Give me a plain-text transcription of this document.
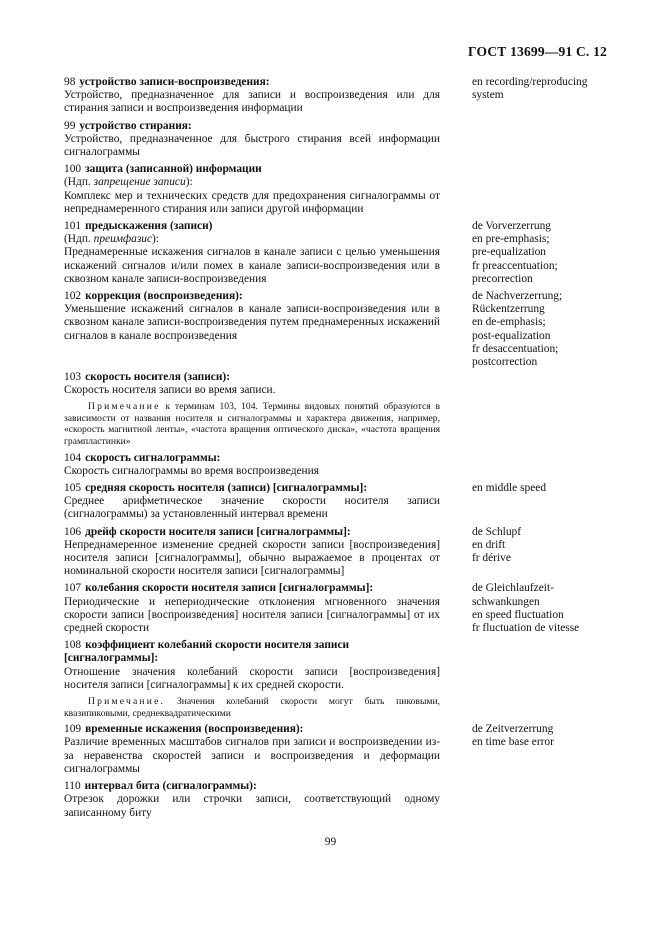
ГОСТ 13699—91 С. 12
98 устройство записи-воспроизведения:
Устройство, предназначенное для записи и воспроизведения или для стирания записи и воспроизведения информации
en recording/reproducing
system
99 устройство стирания:
Устройство, предназначенное для быстрого стирания всей информации сигналограммы
100 защита (записанной) информации
(Ндп. запрещение записи):
Комплекс мер и технических средств для предохранения сигналограммы от непреднамеренного стирания или записи другой информации
101 предыскажения (записи)
(Ндп. преимфазис):
Преднамеренные искажения сигналов в канале записи с целью уменьшения искажений сигналов и/или помех в канале записи-воспроизведения или в сквозном канале записи-воспроизведения
de Vorverzerrung
en pre-emphasis;
pre-equalization
fr preaccentuation;
precorrection
102 коррекция (воспроизведения):
Уменьшение искажений сигналов в канале записи-воспроизведения или в сквозном канале записи-воспроизведения путем преднамеренных искажений сигналов в канале воспроизведения
de Nachverzerrung;
Rückentzerrung
en de-emphasis;
post-equalization
fr desaccentuation;
postcorrection
103 скорость носителя (записи):
Скорость носителя записи во время записи.
Примечание к терминам 103, 104. Термины видовых понятий образуются в зависимости от названия носителя и сигналограммы и характера движения, например, «скорость магнитной ленты», «частота вращения оптического диска», «частота вращения грампластинки»
104 скорость сигналограммы:
Скорость сигналограммы во время воспроизведения
105 средняя скорость носителя (записи) [сигналограммы]:
Среднее арифметическое значение скорости носителя записи (сигналограммы) за установленный интервал времени
en middle speed
106 дрейф скорости носителя записи [сигналограммы]:
Непреднамеренное изменение средней скорости записи [воспроизведения] носителя записи [сигналограммы], обычно выражаемое в процентах от номинальной скорости носителя записи [сигналограммы]
de Schlupf
en drift
fr dérive
107 колебания скорости носителя записи [сигналограммы]:
Периодические и непериодические отклонения мгновенного значения скорости записи [воспроизведения] носителя записи [сигналограммы] от их средней скорости
de Gleichlaufzeit-
schwankungen
en speed fluctuation
fr fluctuation de vitesse
108 коэффициент колебаний скорости носителя записи [сигналограммы]:
Отношение значения колебаний скорости записи [воспроизведения] носителя записи [сигналограммы] к их средней скорости.
Примечание. Значения колебаний скорости могут быть пиковыми, квазипиковыми, среднеквадратическими
109 временные искажения (воспроизведения):
Различие временных масштабов сигналов при записи и воспроизведении из-за неравенства скоростей записи и воспроизведения и деформации сигналограммы
de Zeitverzerrung
en time base error
110 интервал бита (сигналограммы):
Отрезок дорожки или строчки записи, соответствующий одному записанному биту
99
